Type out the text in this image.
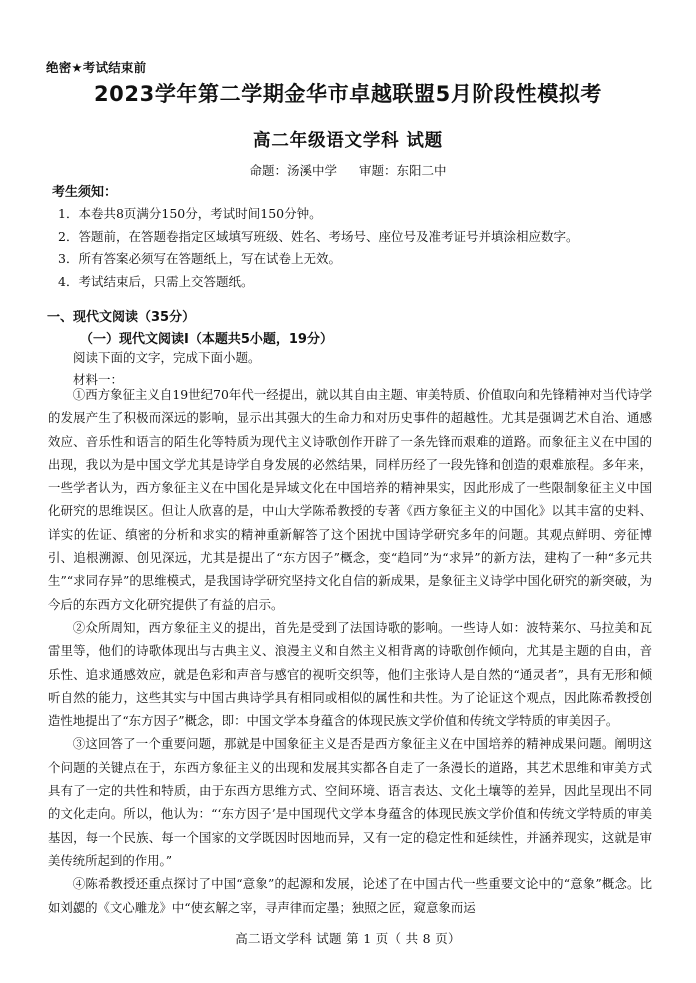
绝密★考试结束前
2023学年第二学期金华市卓越联盟5月阶段性模拟考
高二年级语文学科 试题
命题：汤溪中学 审题：东阳二中
考生须知：
1．本卷共8页满分150分，考试时间150分钟。
2．答题前，在答题卷指定区域填写班级、姓名、考场号、座位号及准考证号并填涂相应数字。
3．所有答案必须写在答题纸上，写在试卷上无效。
4．考试结束后，只需上交答题纸。
一、现代文阅读（35分）
（一）现代文阅读Ⅰ（本题共5小题，19分）
阅读下面的文字，完成下面小题。
材料一：

①西方象征主义自19世纪70年代一经提出，就以其自由主题、审美特质、价值取向和先锋精神对当代诗学的发展产生了积极而深远的影响，显示出其强大的生命力和对历史事件的超越性。尤其是强调艺术自治、通感效应、音乐性和语言的陌生化等特质为现代主义诗歌创作开辟了一条先锋而艰难的道路。而象征主义在中国的出现，我以为是中国文学尤其是诗学自身发展的必然结果，同样历经了一段先锋和创造的艰难旅程。多年来，一些学者认为，西方象征主义在中国化是异域文化在中国培养的精神果实，因此形成了一些限制象征主义中国化研究的思维误区。但让人欣喜的是，中山大学陈希教授的专著《西方象征主义的中国化》以其丰富的史料、详实的佐证、缜密的分析和求实的精神重新解答了这个困扰中国诗学研究多年的问题。其观点鲜明、旁征博引、追根溯源、创见深远，尤其是提出了“东方因子”概念，变“趋同”为“求异”的新方法，建构了一种“多元共生”“求同存异”的思维模式，是我国诗学研究坚持文化自信的新成果，是象征主义诗学中国化研究的新突破，为今后的东西方文化研究提供了有益的启示。

②众所周知，西方象征主义的提出，首先是受到了法国诗歌的影响。一些诗人如：波特莱尔、马拉美和瓦雷里等，他们的诗歌体现出与古典主义、浪漫主义和自然主义相背离的诗歌创作倾向，尤其是主题的自由，音乐性、追求通感效应，就是色彩和声音与感官的视听交织等，他们主张诗人是自然的“通灵者”，具有无形和倾听自然的能力，这些其实与中国古典诗学具有相同或相似的属性和共性。为了论证这个观点，因此陈希教授创造性地提出了“东方因子”概念，即：中国文学本身蕴含的体现民族文学价值和传统文学特质的审美因子。

③这回答了一个重要问题，那就是中国象征主义是否是西方象征主义在中国培养的精神成果问题。阐明这个问题的关键点在于，东西方象征主义的出现和发展其实都各自走了一条漫长的道路，其艺术思维和审美方式具有了一定的共性和特质，由于东西方思维方式、空间环境、语言表达、文化土壤等的差异，因此呈现出不同的文化走向。所以，他认为：“‘东方因子’是中国现代文学本身蕴含的体现民族文学价值和传统文学特质的审美基因，每一个民族、每一个国家的文学既因时因地而异，又有一定的稳定性和延续性，并涵养现实，这就是审美传统所起到的作用。”

④陈希教授还重点探讨了中国“意象”的起源和发展，论述了在中国古代一些重要文论中的“意象”概念。比如刘勰的《文心雕龙》中“使玄解之宰，寻声律而定墨；独照之匠，窥意象而运

高二语文学科 试题 第 1 页（ 共 8 页）
